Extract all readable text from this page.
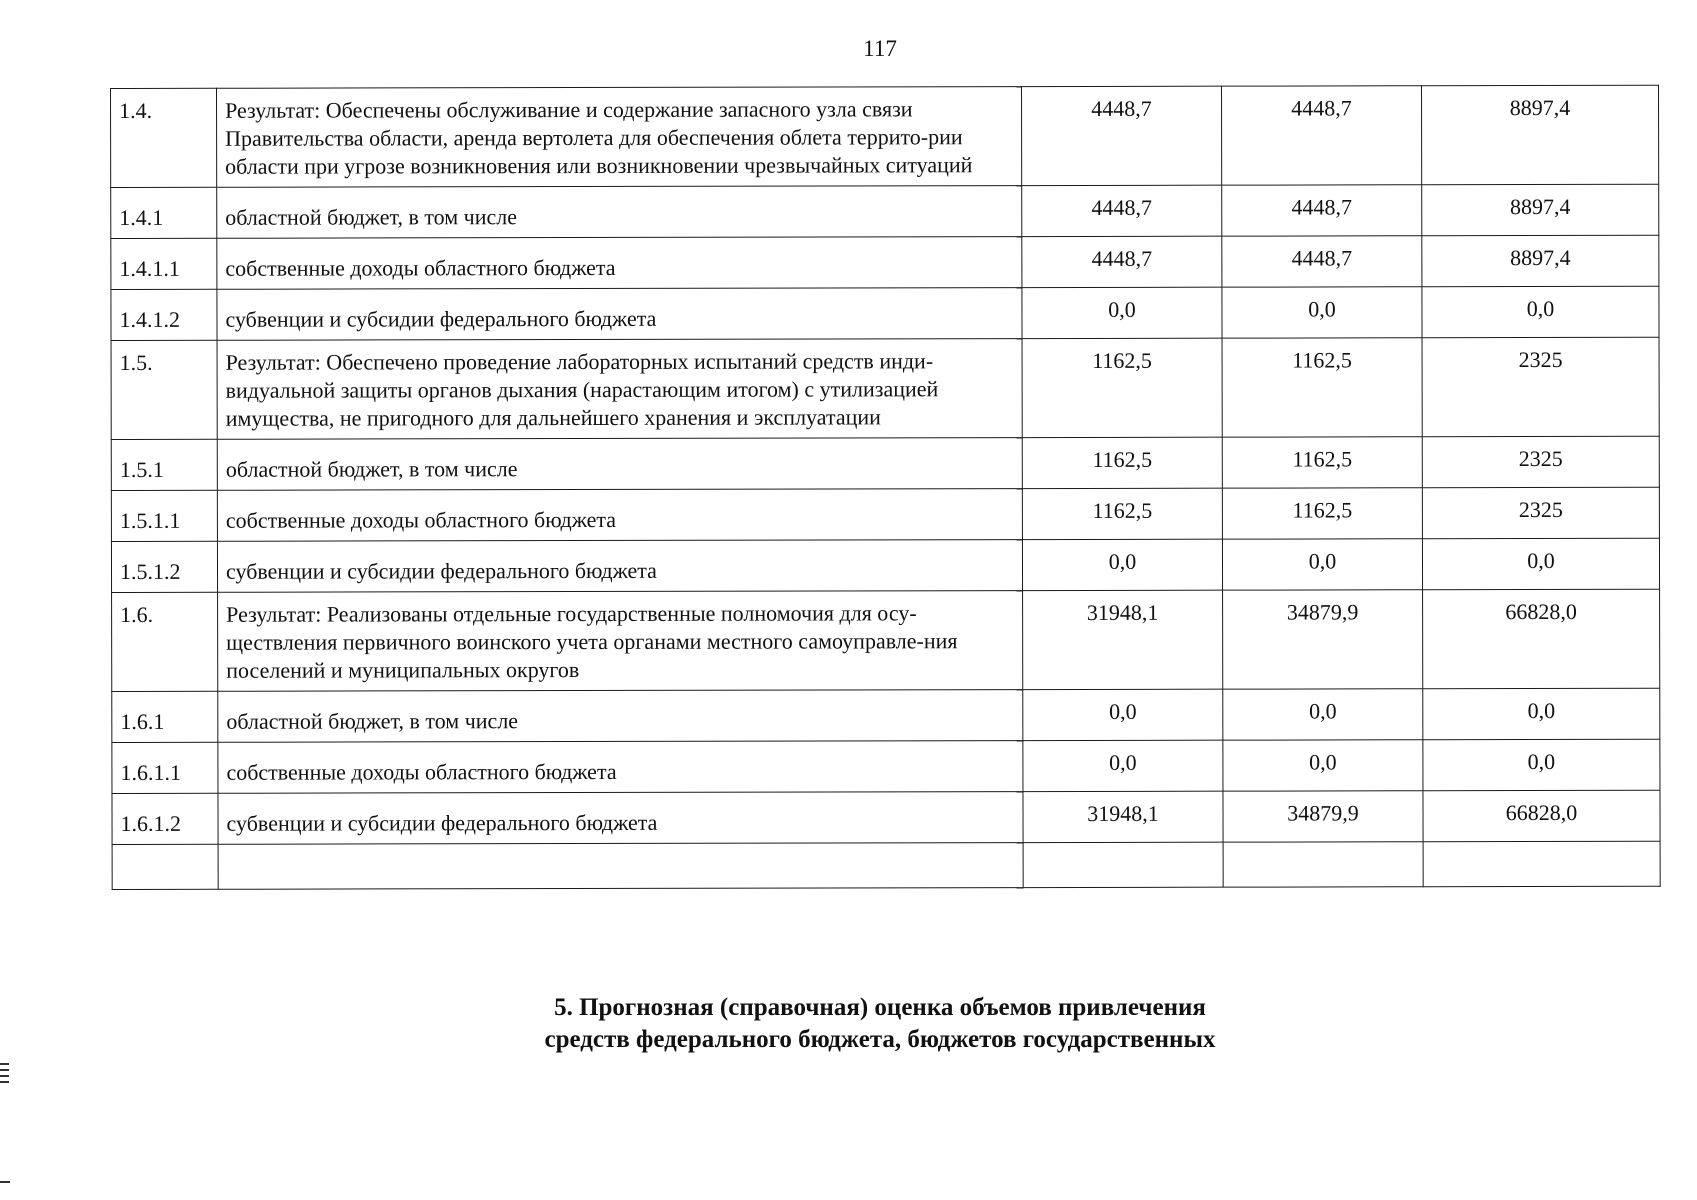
117
1.4.	Результат: Обеспечены обслуживание и содержание запасного узла связи Правительства области, аренда вертолета для обеспечения облета террито-рии области при угрозе возникновения или возникновении чрезвычайных ситуаций	4448,7	4448,7	8897,4
1.4.1	областной бюджет, в том числе	4448,7	4448,7	8897,4
1.4.1.1	собственные доходы областного бюджета	4448,7	4448,7	8897,4
1.4.1.2	субвенции и субсидии федерального бюджета	0,0	0,0	0,0
1.5.	Результат: Обеспечено проведение лабораторных испытаний средств инди-видуальной защиты органов дыхания (нарастающим итогом) с утилизацией имущества, не пригодного для дальнейшего хранения и эксплуатации	1162,5	1162,5	2325
1.5.1	областной бюджет, в том числе	1162,5	1162,5	2325
1.5.1.1	собственные доходы областного бюджета	1162,5	1162,5	2325
1.5.1.2	субвенции и субсидии федерального бюджета	0,0	0,0	0,0
1.6.	Результат: Реализованы отдельные государственные полномочия для осу-ществления первичного воинского учета органами местного самоуправле-ния поселений и муниципальных округов	31948,1	34879,9	66828,0
1.6.1	областной бюджет, в том числе	0,0	0,0	0,0
1.6.1.1	собственные доходы областного бюджета	0,0	0,0	0,0
1.6.1.2	субвенции и субсидии федерального бюджета	31948,1	34879,9	66828,0

5. Прогнозная (справочная) оценка объемов привлечения
средств федерального бюджета, бюджетов государственных
